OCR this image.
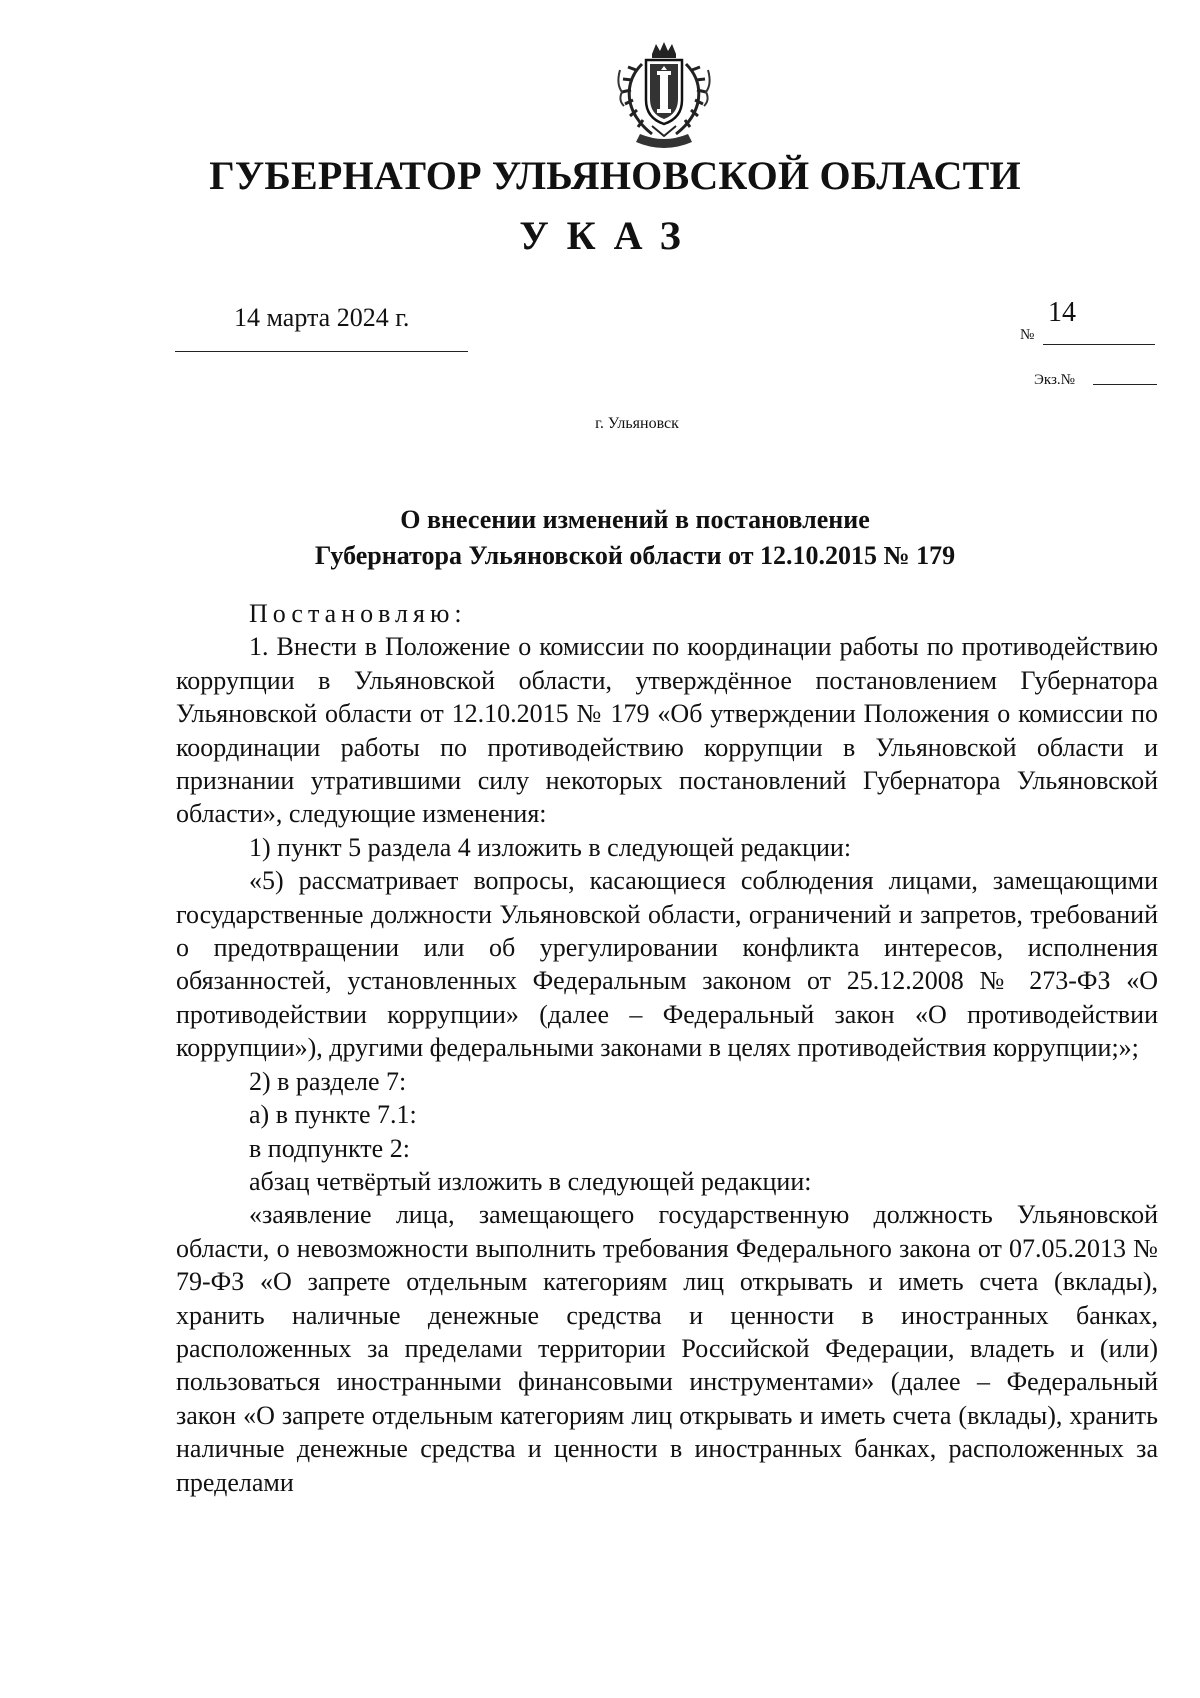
ГУБЕРНАТОР УЛЬЯНОВСКОЙ ОБЛАСТИ
УКАЗ
14 марта 2024 г.	14
№
Экз.№
г. Ульяновск
О внесении изменений в постановление
Губернатора Ульяновской области от 12.10.2015 № 179

Постановляю:

1. Внести в Положение о комиссии по координации работы по противодействию коррупции в Ульяновской области, утверждённое постановлением Губернатора Ульяновской области от 12.10.2015 № 179 «Об утверждении Положения о комиссии по координации работы по противодействию коррупции в Ульяновской области и признании утратившими силу некоторых постановлений Губернатора Ульяновской области», следующие изменения:

1) пункт 5 раздела 4 изложить в следующей редакции:

«5) рассматривает вопросы, касающиеся соблюдения лицами, замещающими государственные должности Ульяновской области, ограничений и запретов, требований о предотвращении или об урегулировании конфликта интересов, исполнения обязанностей, установленных Федеральным законом от 25.12.2008 № 273-ФЗ «О противодействии коррупции» (далее – Федеральный закон «О противодействии коррупции»), другими федеральными законами в целях противодействия коррупции;»;

2) в разделе 7:

а) в пункте 7.1:

в подпункте 2:

абзац четвёртый изложить в следующей редакции:

«заявление лица, замещающего государственную должность Ульяновской области, о невозможности выполнить требования Федерального закона от 07.05.2013 № 79-ФЗ «О запрете отдельным категориям лиц открывать и иметь счета (вклады), хранить наличные денежные средства и ценности в иностранных банках, расположенных за пределами территории Российской Федерации, владеть и (или) пользоваться иностранными финансовыми инструментами» (далее – Федеральный закон «О запрете отдельным категориям лиц открывать и иметь счета (вклады), хранить наличные денежные средства и ценности в иностранных банках, расположенных за пределами
